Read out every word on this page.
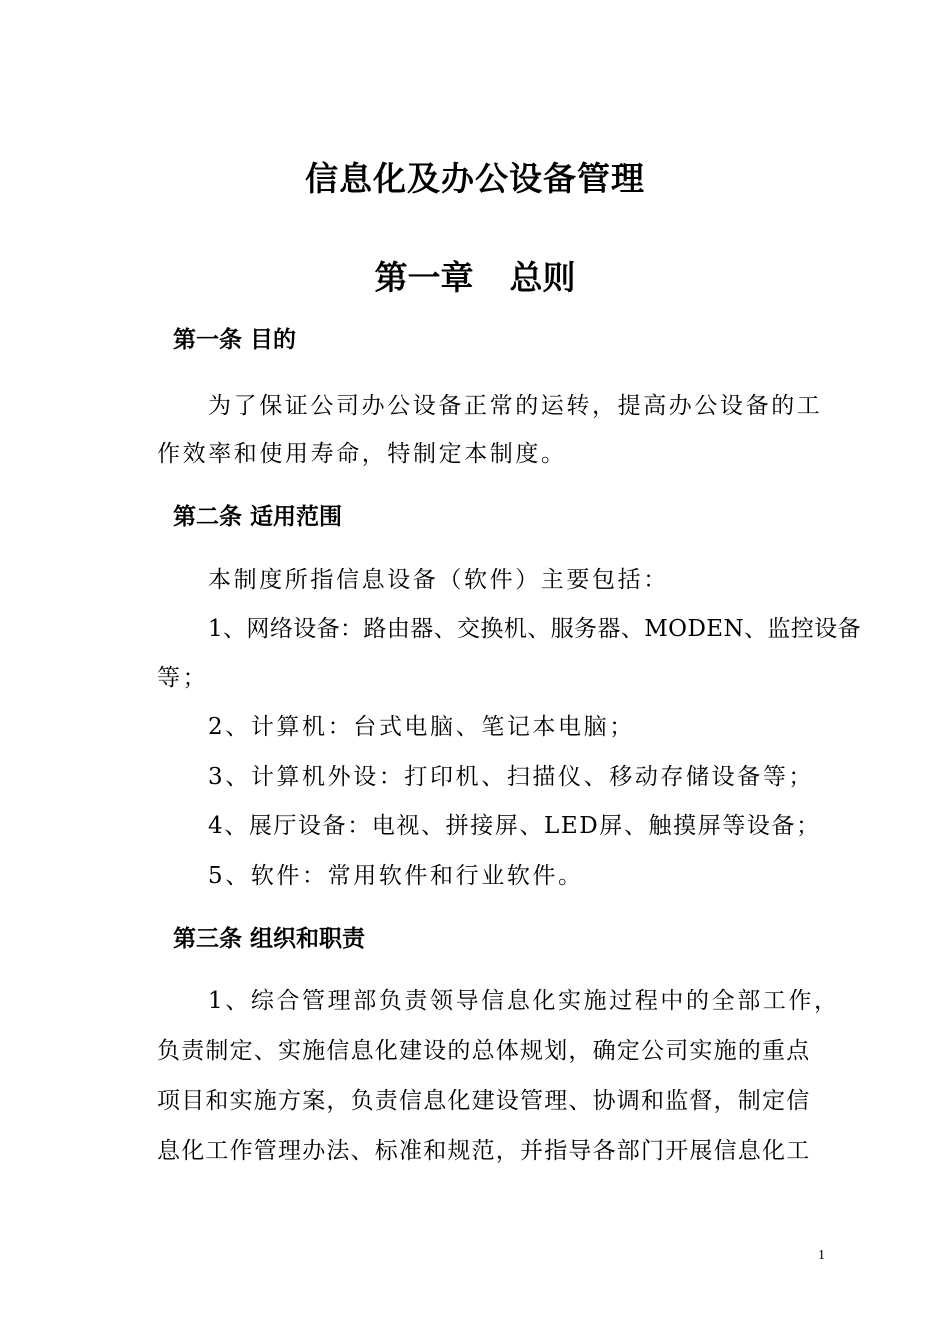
信息化及办公设备管理
第一章 总则
第一条 目的
为了保证公司办公设备正常的运转，提高办公设备的工
作效率和使用寿命，特制定本制度。
第二条 适用范围
本制度所指信息设备（软件）主要包括：
1、网络设备：路由器、交换机、服务器、MODEN、监控设备
等；
2、计算机：台式电脑、笔记本电脑；
3、计算机外设：打印机、扫描仪、移动存储设备等；
4、展厅设备：电视、拼接屏、LED屏、触摸屏等设备；
5、软件：常用软件和行业软件。
第三条 组织和职责
1、综合管理部负责领导信息化实施过程中的全部工作，
负责制定、实施信息化建设的总体规划，确定公司实施的重点
项目和实施方案，负责信息化建设管理、协调和监督，制定信
息化工作管理办法、标准和规范，并指导各部门开展信息化工
1
